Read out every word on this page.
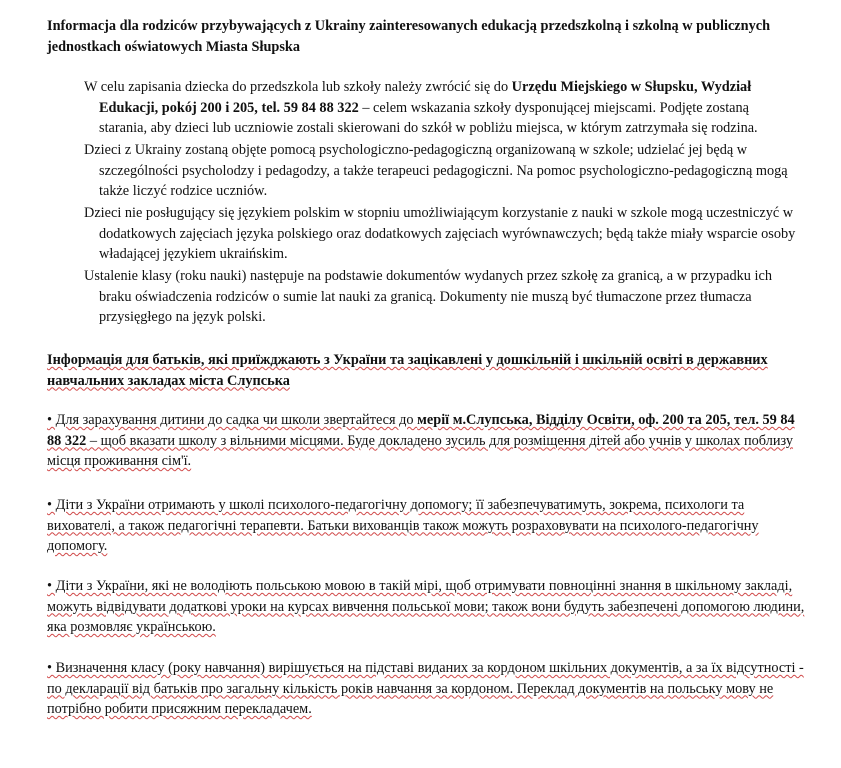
Informacja dla rodziców przybywających z Ukrainy zainteresowanych edukacją przedszkolną i szkolną w publicznych jednostkach oświatowych Miasta Słupska
W celu zapisania dziecka do przedszkola lub szkoły należy zwrócić się do Urzędu Miejskiego w Słupsku, Wydział Edukacji, pokój 200 i 205, tel. 59 84 88 322 – celem wskazania szkoły dysponującej miejscami. Podjęte zostaną starania, aby dzieci lub uczniowie zostali skierowani do szkół w pobliżu miejsca, w którym zatrzymała się rodzina.
Dzieci z Ukrainy zostaną objęte pomocą psychologiczno-pedagogiczną organizowaną w szkole; udzielać jej będą w szczególności psycholodzy i pedagodzy, a także terapeuci pedagogiczni. Na pomoc psychologiczno-pedagogiczną mogą także liczyć rodzice uczniów.
Dzieci nie posługujący się językiem polskim w stopniu umożliwiającym korzystanie z nauki w szkole mogą uczestniczyć w dodatkowych zajęciach języka polskiego oraz dodatkowych zajęciach wyrównawczych; będą także miały wsparcie osoby władającej językiem ukraińskim.
Ustalenie klasy (roku nauki) następuje na podstawie dokumentów wydanych przez szkołę za granicą, a w przypadku ich braku oświadczenia rodziców o sumie lat nauki za granicą. Dokumenty nie muszą być tłumaczone przez tłumacza przysięgłego na język polski.
Інформація для батьків, які приїжджають з України та зацікавлені у дошкільній і шкільній освіті в державних навчальних закладах міста Слупська
• Для зарахування дитини до садка чи школи звертайтеся до мерії м.Слупська, Відділу Освіти, оф. 200 та 205, тел. 59 84 88 322 – щоб вказати школу з вільними місцями. Буде докладено зусиль для розміщення дітей або учнів у школах поблизу місця проживання сім'ї.
• Діти з України отримають у школі психолого-педагогічну допомогу; її забезпечуватимуть, зокрема, психологи та вихователі, а також педагогічні терапевти. Батьки вихованців також можуть розраховувати на психолого-педагогічну допомогу.
• Діти з України, які не володіють польською мовою в такій мірі, щоб отримувати повноцінні знання в шкільному закладі, можуть відвідувати додаткові уроки на курсах вивчення польської мови; також вони будуть забезпечені допомогою людини, яка розмовляє українською.
• Визначення класу (року навчання) вирішується на підставі виданих за кордоном шкільних документів, а за їх відсутності - по декларації від батьків про загальну кількість років навчання за кордоном. Переклад документів на польську мову не потрібно робити присяжним перекладачем.
